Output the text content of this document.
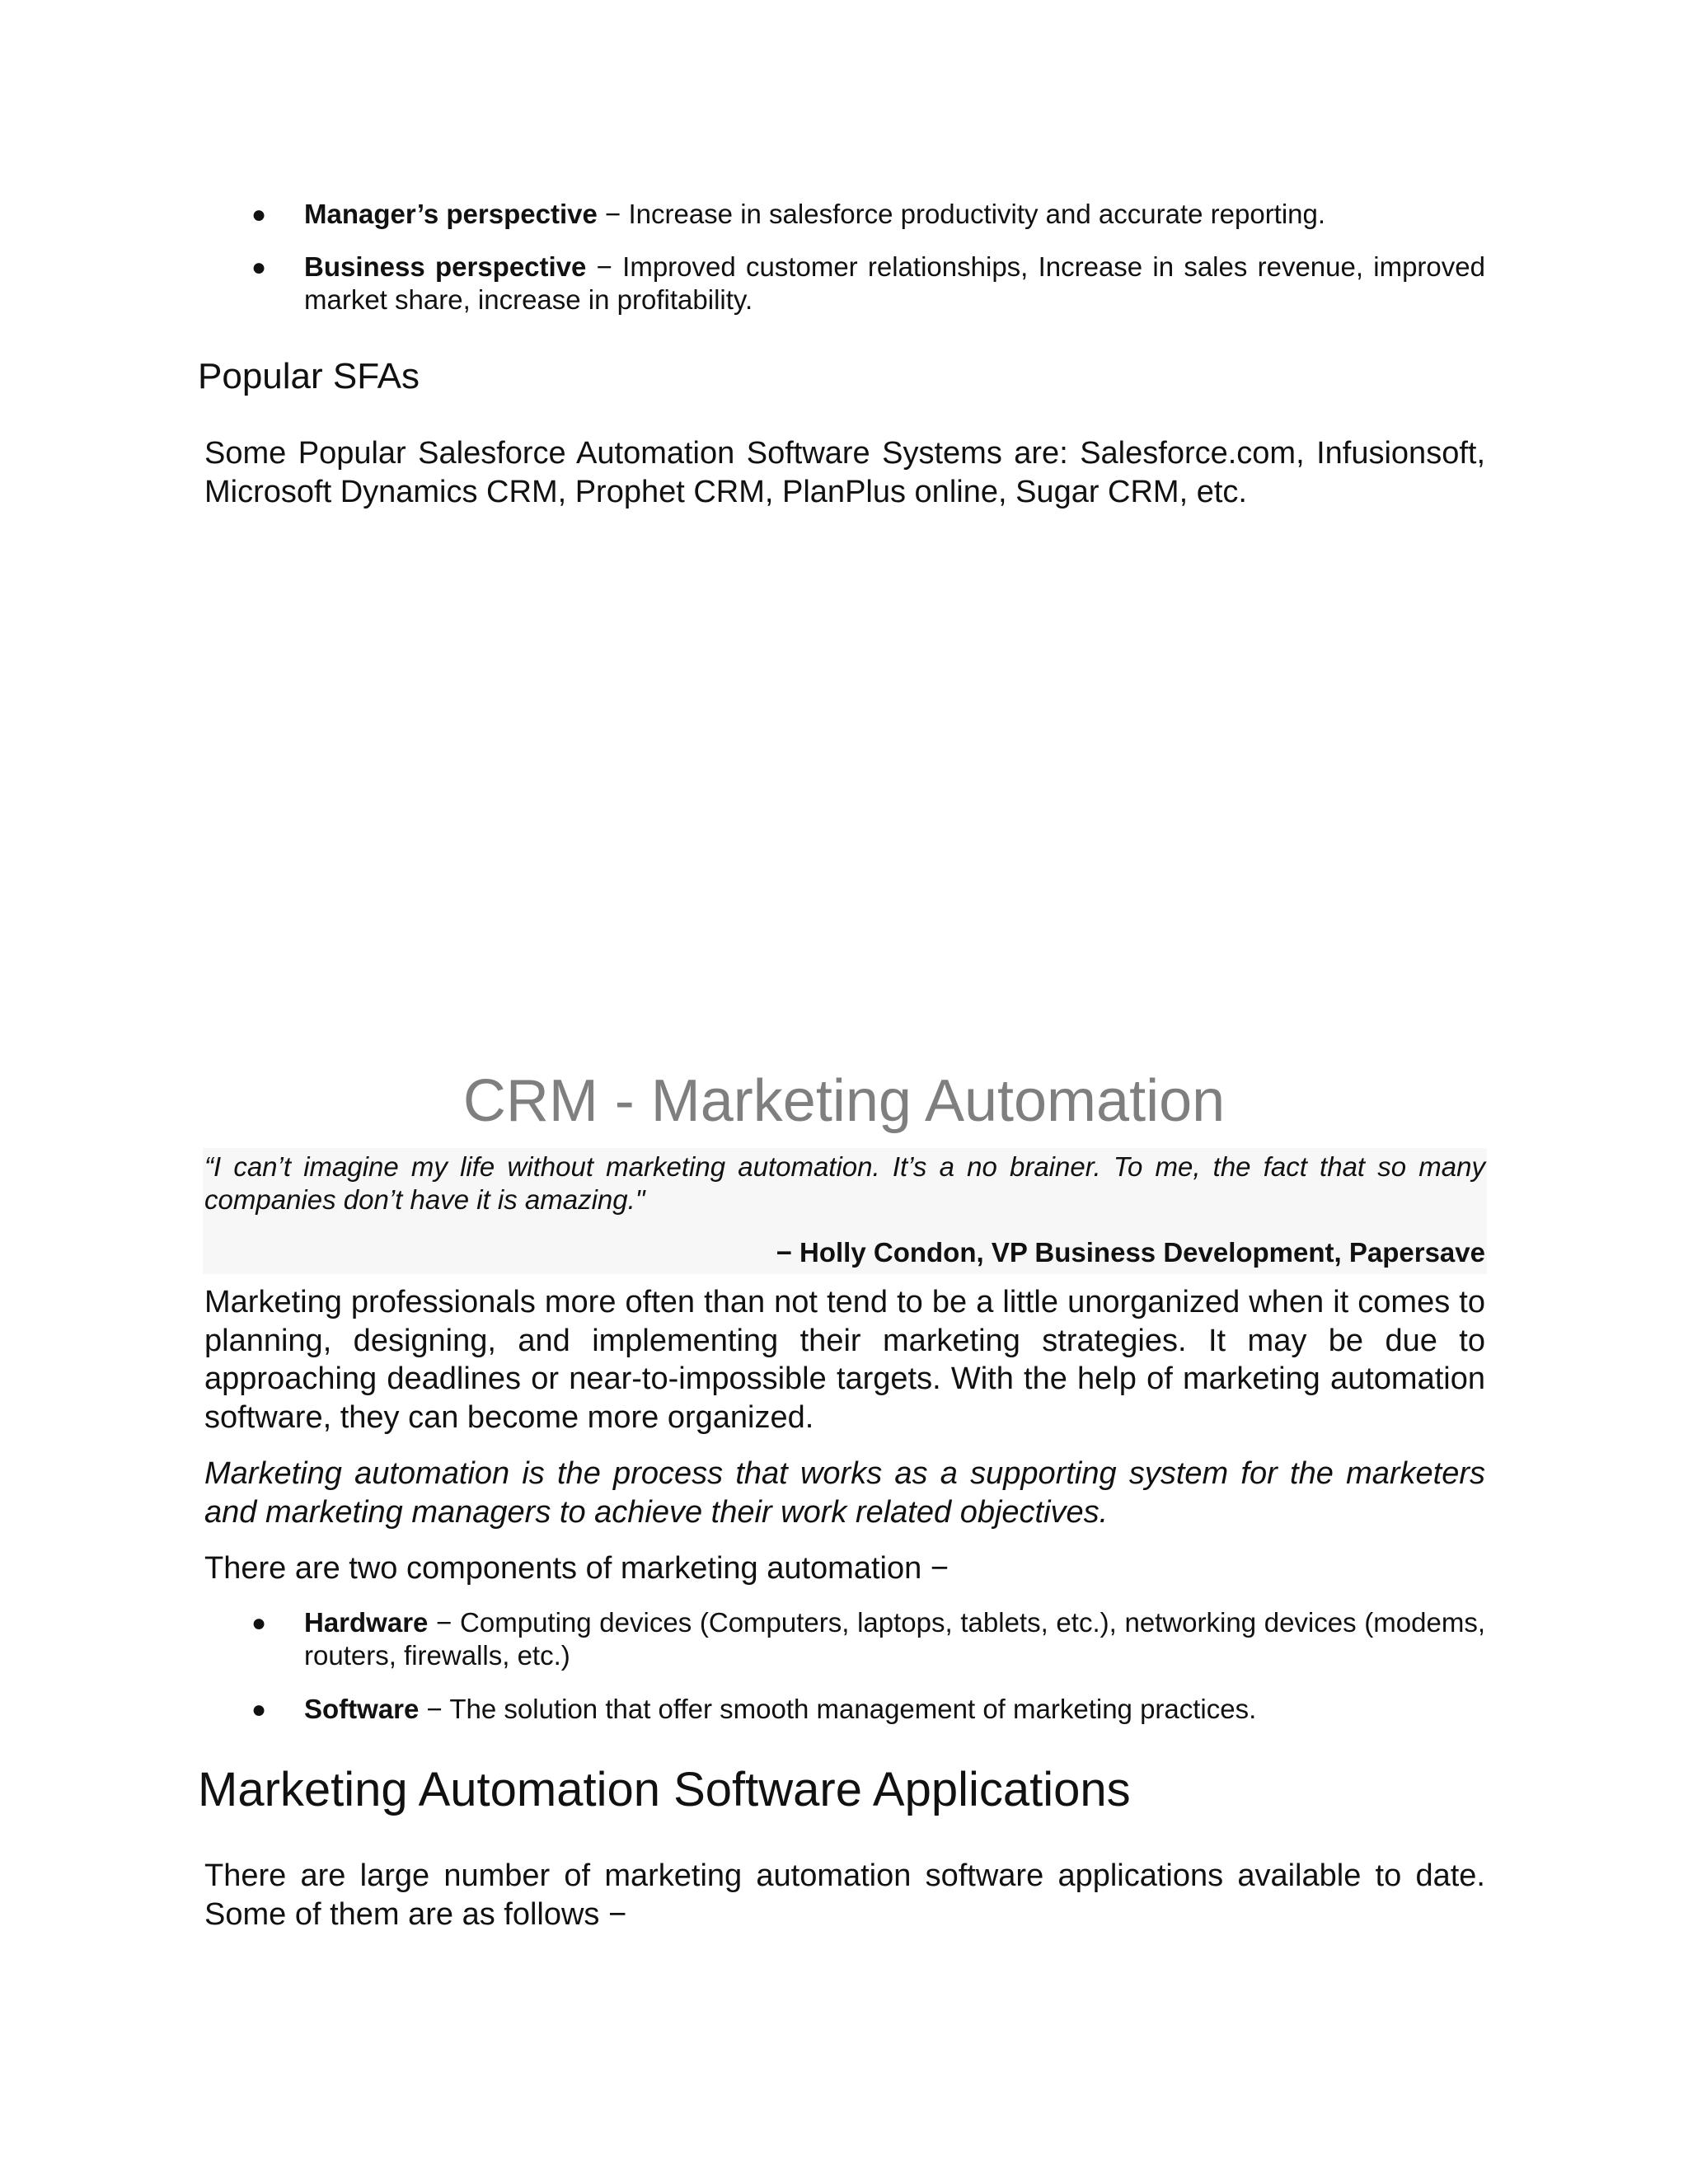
● Manager’s perspective − Increase in salesforce productivity and accurate reporting.
● Business perspective − Improved customer relationships, Increase in sales revenue, improved market share, increase in profitability.
Popular SFAs
Some Popular Salesforce Automation Software Systems are: Salesforce.com, Infusionsoft, Microsoft Dynamics CRM, Prophet CRM, PlanPlus online, Sugar CRM, etc.
CRM - Marketing Automation
“I can’t imagine my life without marketing automation. It’s a no brainer. To me, the fact that so many companies don’t have it is amazing."
− Holly Condon, VP Business Development, Papersave
Marketing professionals more often than not tend to be a little unorganized when it comes to planning, designing, and implementing their marketing strategies. It may be due to approaching deadlines or near-to-impossible targets. With the help of marketing automation software, they can become more organized.
Marketing automation is the process that works as a supporting system for the marketers and marketing managers to achieve their work related objectives.
There are two components of marketing automation −
● Hardware − Computing devices (Computers, laptops, tablets, etc.), networking devices (modems, routers, firewalls, etc.)
● Software − The solution that offer smooth management of marketing practices.
Marketing Automation Software Applications
There are large number of marketing automation software applications available to date. Some of them are as follows −
